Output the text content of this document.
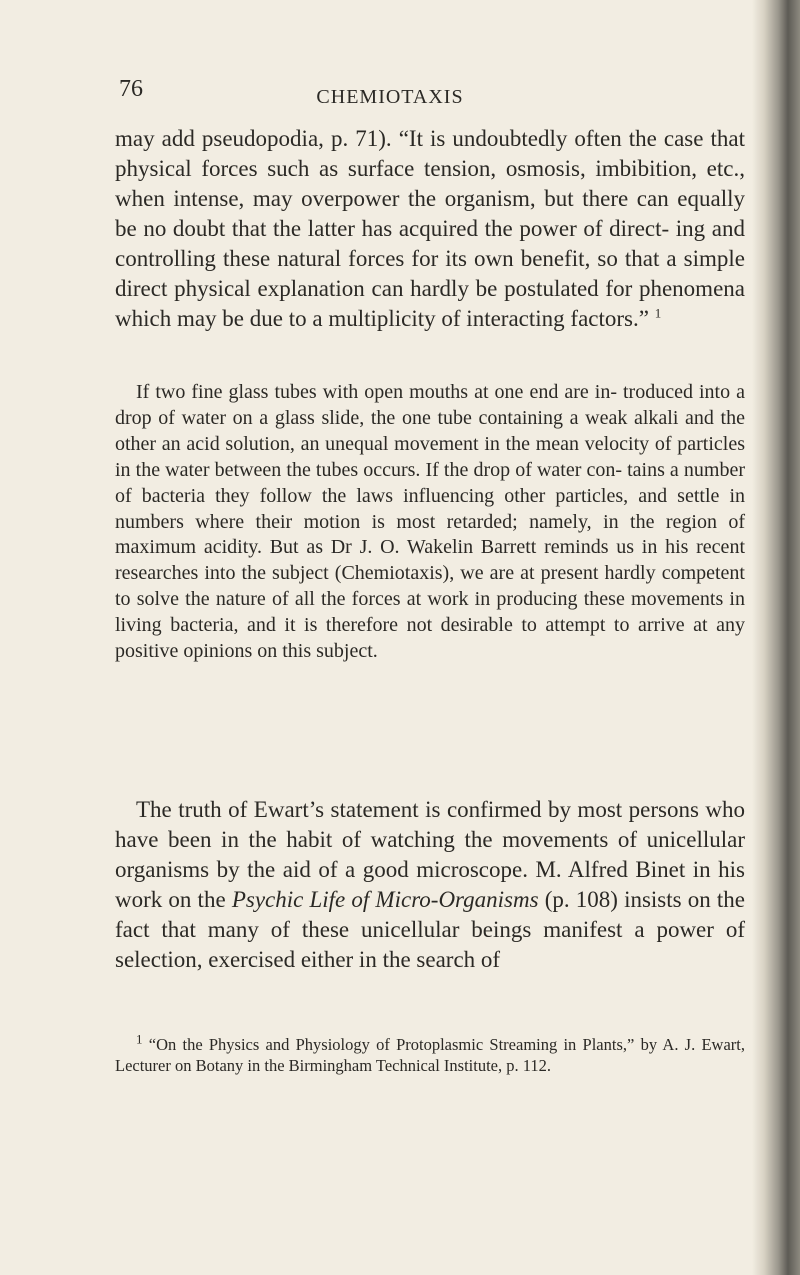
76	CHEMIOTAXIS

may add pseudopodia, p. 71). “It is undoubtedly often the case that physical forces such as surface tension, osmosis, imbibition, etc., when intense, may overpower the organism, but there can equally be no doubt that the latter has acquired the power of direct- ing and controlling these natural forces for its own benefit, so that a simple direct physical explanation can hardly be postulated for phenomena which may be due to a multiplicity of interacting factors.” $^1$

If two fine glass tubes with open mouths at one end are in- troduced into a drop of water on a glass slide, the one tube containing a weak alkali and the other an acid solution, an unequal movement in the mean velocity of particles in the water between the tubes occurs. If the drop of water con- tains a number of bacteria they follow the laws influencing other particles, and settle in numbers where their motion is most retarded; namely, in the region of maximum acidity. But as Dr J. O. Wakelin Barrett reminds us in his recent researches into the subject (Chemiotaxis), we are at present hardly competent to solve the nature of all the forces at work in producing these movements in living bacteria, and it is therefore not desirable to attempt to arrive at any positive opinions on this subject.

The truth of Ewart’s statement is confirmed by most persons who have been in the habit of watching the movements of unicellular organisms by the aid of a good microscope. M. Alfred Binet in his work on the Psychic Life of Micro-Organisms (p. 108) insists on the fact that many of these unicellular beings manifest a power of selection, exercised either in the search of

$^1$ “On the Physics and Physiology of Protoplasmic Streaming in Plants,” by A. J. Ewart, Lecturer on Botany in the Birmingham Technical Institute, p. 112.
